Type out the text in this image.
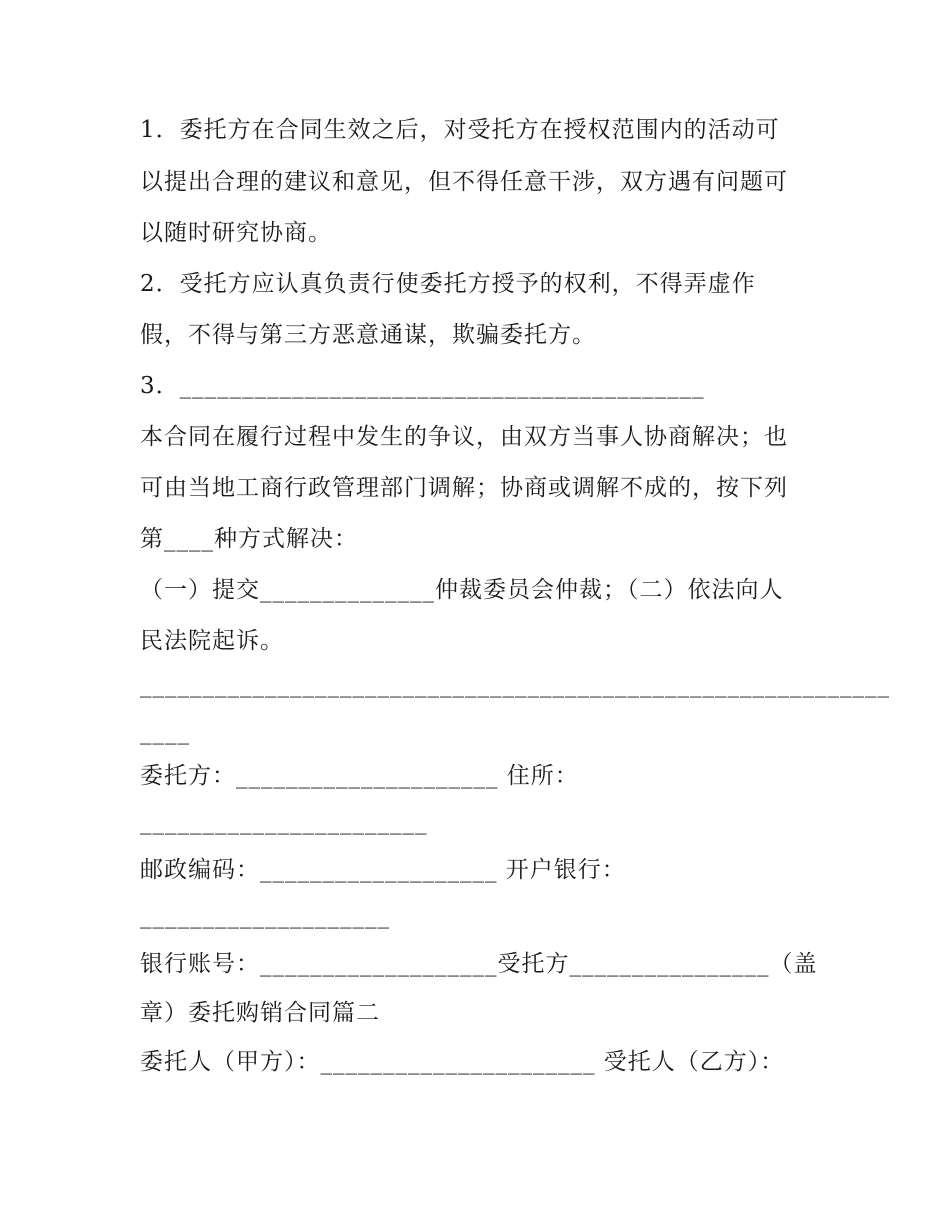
1．委托方在合同生效之后，对受托方在授权范围内的活动可
以提出合理的建议和意见，但不得任意干涉，双方遇有问题可
以随时研究协商。
2．受托方应认真负责行使委托方授予的权利，不得弄虚作
假，不得与第三方恶意通谋，欺骗委托方。
3．__________________________________________
本合同在履行过程中发生的争议，由双方当事人协商解决；也
可由当地工商行政管理部门调解；协商或调解不成的，按下列
第____种方式解决：
（一）提交______________仲裁委员会仲裁；（二）依法向人
民法院起诉。
____________________________________________________________
____
委托方：_____________________ 住所：
_______________________
邮政编码：___________________ 开户银行：
____________________
银行账号：___________________受托方________________（盖
章）委托购销合同篇二
委托人（甲方）：______________________ 受托人（乙方）：
